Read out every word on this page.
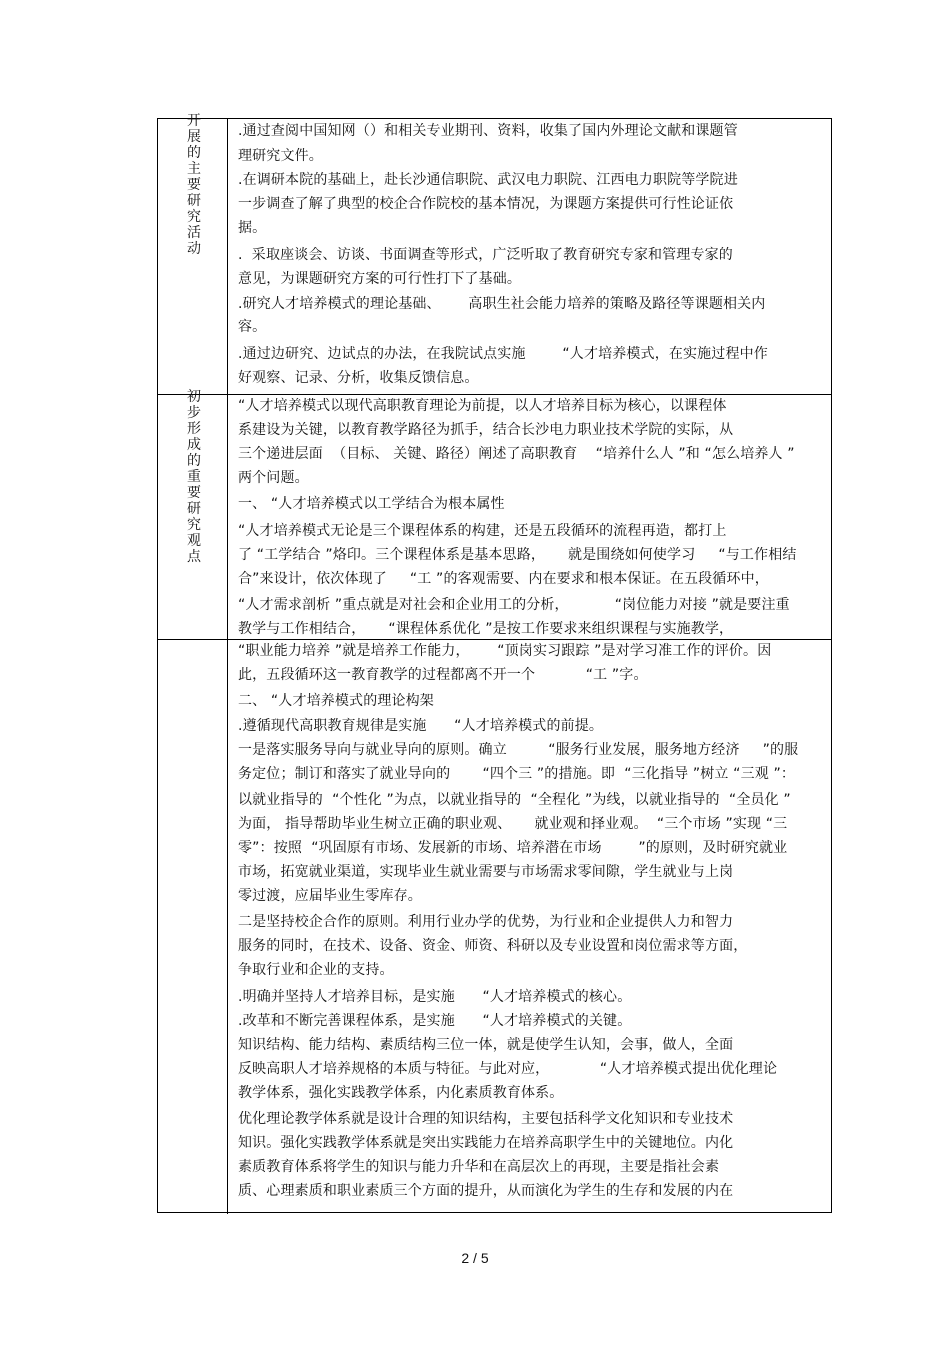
开展的主要研究活动
.通过查阅中国知网（）和相关专业期刊、资料，收集了国内外理论文献和课题管
理研究文件。
.在调研本院的基础上，赴长沙通信职院、武汉电力职院、江西电力职院等学院进
一步调查了解了典型的校企合作院校的基本情况，为课题方案提供可行性论证依
据。
.  采取座谈会、访谈、书面调查等形式，广泛听取了教育研究专家和管理专家的
意见，为课题研究方案的可行性打下了基础。
.研究人才培养模式的理论基础、      高职生社会能力培养的策略及路径等课题相关内
容。
.通过边研究、边试点的办法，在我院试点实施        “人才培养模式，在实施过程中作
好观察、记录、分析，收集反馈信息。
初步形成的重要研究观点
“人才培养模式以现代高职教育理论为前提，以人才培养目标为核心，以课程体
系建设为关键，以教育教学路径为抓手，结合长沙电力职业技术学院的实际，从
三个递进层面  （目标、 关键、路径）阐述了高职教育    “培养什么人 ”和 “怎么培养人 ”
两个问题。
一、 “人才培养模式以工学结合为根本属性
“人才培养模式无论是三个课程体系的构建，还是五段循环的流程再造，都打上
了 “工学结合 ”烙印。三个课程体系是基本思路，     就是围绕如何使学习     “与工作相结
合”来设计，依次体现了     “工 ”的客观需要、内在要求和根本保证。在五段循环中，
“人才需求剖析 ”重点就是对社会和企业用工的分析，          “岗位能力对接 ”就是要注重
教学与工作相结合，     “课程体系优化 ”是按工作要求来组织课程与实施教学，
“职业能力培养 ”就是培养工作能力，      “顶岗实习跟踪 ”是对学习准工作的评价。因
此，五段循环这一教育教学的过程都离不开一个           “工 ”字。
二、 “人才培养模式的理论构架
.遵循现代高职教育规律是实施      “人才培养模式的前提。
一是落实服务导向与就业导向的原则。确立         “服务行业发展，服务地方经济     ”的服
务定位；制订和落实了就业导向的       “四个三 ”的措施。即  “三化指导 ”树立 “三观 ”：
以就业指导的  “个性化 ”为点，以就业指导的  “全程化 ”为线，以就业指导的  “全员化 ”
为面， 指导帮助毕业生树立正确的职业观、     就业观和择业观。  “三个市场 ”实现 “三
零”：按照  “巩固原有市场、发展新的市场、培养潜在市场        ”的原则，及时研究就业
市场，拓宽就业渠道，实现毕业生就业需要与市场需求零间隙，学生就业与上岗
零过渡，应届毕业生零库存。
二是坚持校企合作的原则。利用行业办学的优势，为行业和企业提供人力和智力
服务的同时，在技术、设备、资金、师资、科研以及专业设置和岗位需求等方面，
争取行业和企业的支持。
.明确并坚持人才培养目标，是实施      “人才培养模式的核心。
.改革和不断完善课程体系，是实施      “人才培养模式的关键。
知识结构、能力结构、素质结构三位一体，就是使学生认知，会事，做人，全面
反映高职人才培养规格的本质与特征。与此对应，           “人才培养模式提出优化理论
教学体系，强化实践教学体系，内化素质教育体系。
优化理论教学体系就是设计合理的知识结构，主要包括科学文化知识和专业技术
知识。强化实践教学体系就是突出实践能力在培养高职学生中的关键地位。内化
素质教育体系将学生的知识与能力升华和在高层次上的再现，主要是指社会素
质、心理素质和职业素质三个方面的提升，从而演化为学生的生存和发展的内在
2 / 5
